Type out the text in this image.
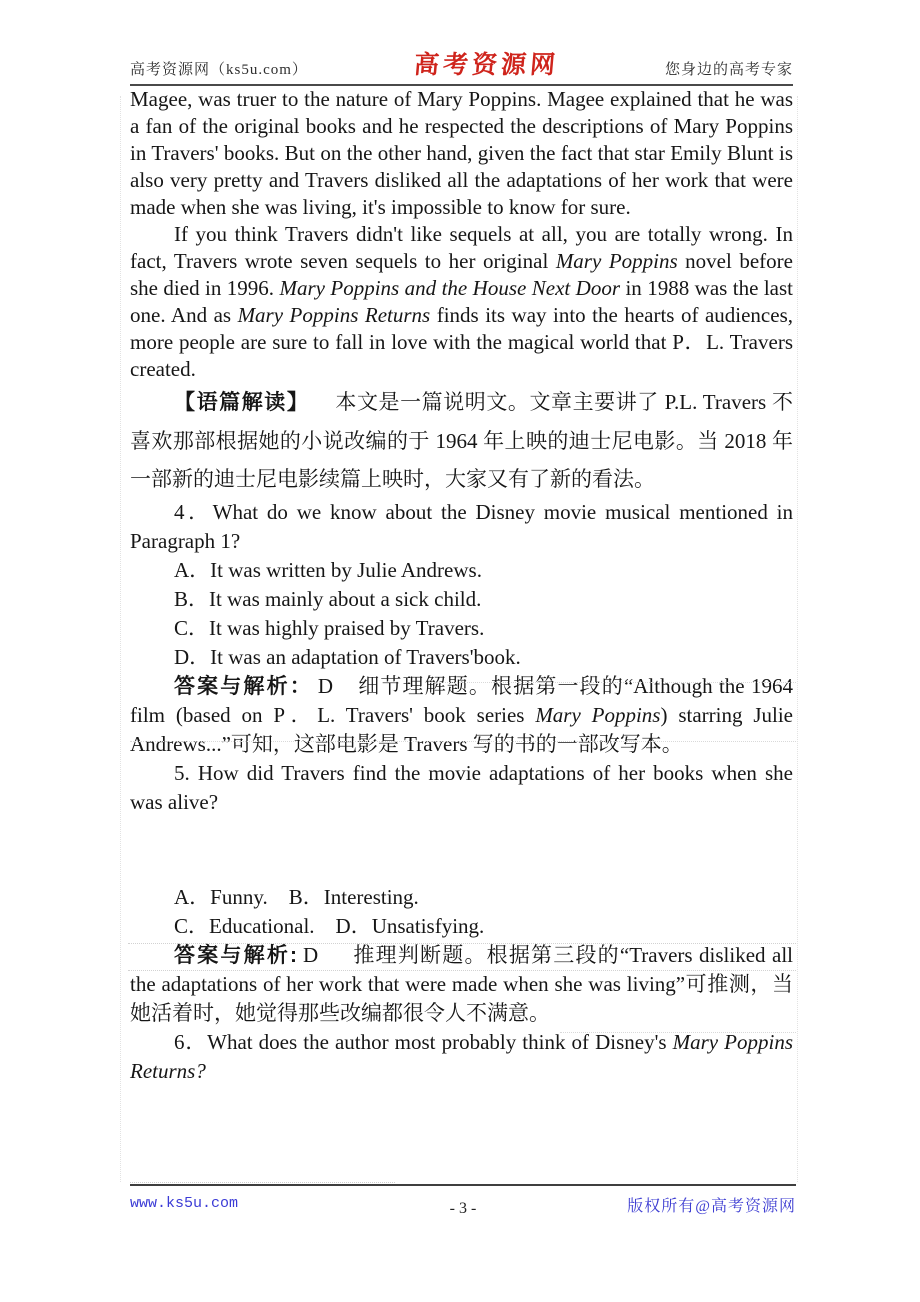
高考资源网（ks5u.com）	高考资源网	您身边的高考专家

Magee, was truer to the nature of Mary Poppins. Magee explained that he was a fan of the original books and he respected the descriptions of Mary Poppins in Travers' books. But on the other hand, given the fact that star Emily Blunt is also very pretty and Travers disliked all the adaptations of her work that were made when she was living, it's impossible to know for sure.

If you think Travers didn't like sequels at all, you are totally wrong. In fact, Travers wrote seven sequels to her original Mary Poppins novel before she died in 1996. Mary Poppins and the House Next Door in 1988 was the last one. And as Mary Poppins Returns finds its way into the hearts of audiences, more people are sure to fall in love with the magical world that P．L. Travers created.

【语篇解读】 本文是一篇说明文。文章主要讲了 P.L. Travers 不喜欢那部根据她的小说改编的于 1964 年上映的迪士尼电影。当 2018 年一部新的迪士尼电影续篇上映时，大家又有了新的看法。

4．What do we know about the Disney movie musical mentioned in Paragraph 1?

A．It was written by Julie Andrews.

B．It was mainly about a sick child.

C．It was highly praised by Travers.

D．It was an adaptation of Travers'book.

答案与解析： D 细节理解题。根据第一段的“Although the 1964 film (based on P．L. Travers' book series Mary Poppins) starring Julie Andrews...”可知，这部电影是 Travers 写的书的一部改写本。

5. How did Travers find the movie adaptations of her books when she was alive?

A．Funny.　B．Interesting.

C．Educational.　D．Unsatisfying.

答案与解析: D 推理判断题。根据第三段的“Travers disliked all the adaptations of her work that were made when she was living”可推测，当她活着时，她觉得那些改编都很令人不满意。

6．What does the author most probably think of Disney's Mary Poppins Returns?

www.ks5u.com	- 3 -	版权所有@高考资源网
